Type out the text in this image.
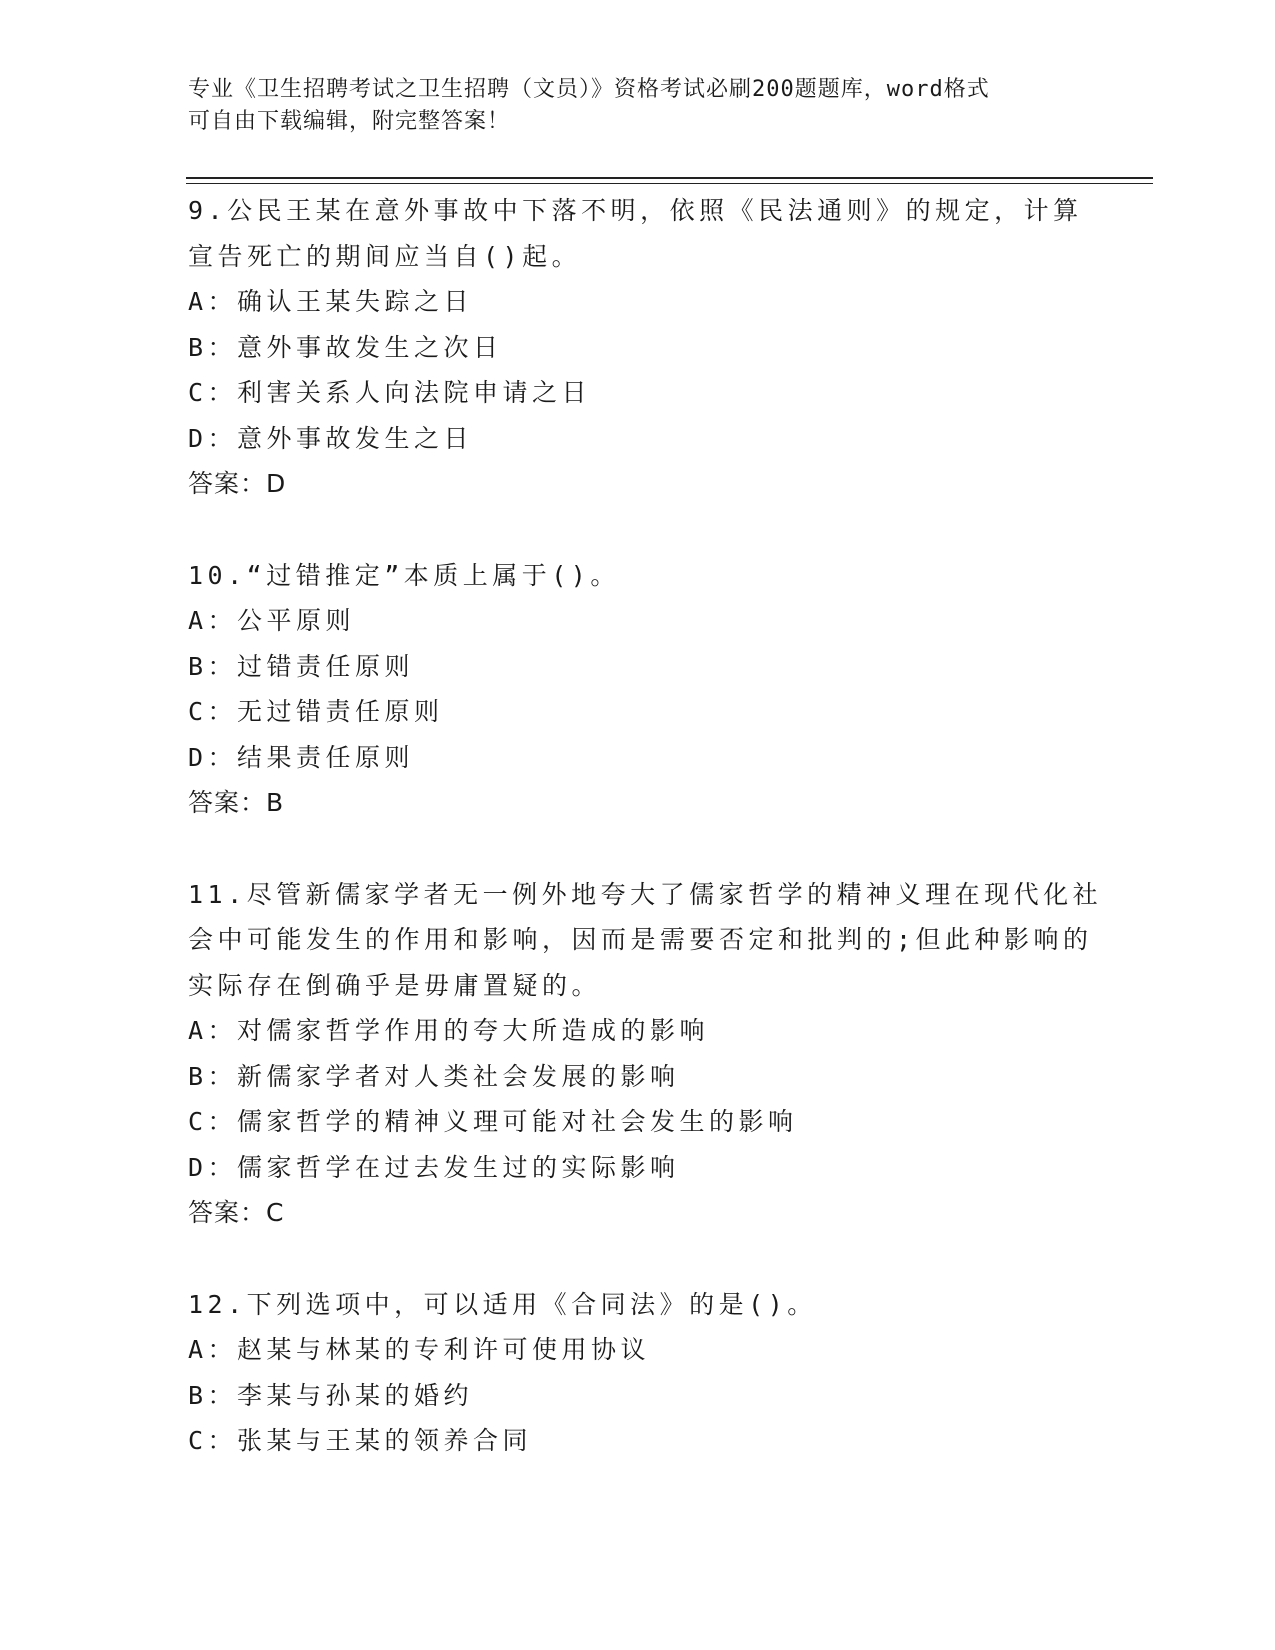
专业《卫生招聘考试之卫生招聘（文员）》资格考试必刷200题题库，word格式
可自由下载编辑，附完整答案！
9.公民王某在意外事故中下落不明，依照《民法通则》的规定，计算
宣告死亡的期间应当自()起。
A：确认王某失踪之日
B：意外事故发生之次日
C：利害关系人向法院申请之日
D：意外事故发生之日
答案：D
10.“过错推定”本质上属于()。
A：公平原则
B：过错责任原则
C：无过错责任原则
D：结果责任原则
答案：B
11.尽管新儒家学者无一例外地夸大了儒家哲学的精神义理在现代化社
会中可能发生的作用和影响，因而是需要否定和批判的;但此种影响的
实际存在倒确乎是毋庸置疑的。
A：对儒家哲学作用的夸大所造成的影响
B：新儒家学者对人类社会发展的影响
C：儒家哲学的精神义理可能对社会发生的影响
D：儒家哲学在过去发生过的实际影响
答案：C
12.下列选项中，可以适用《合同法》的是()。
A：赵某与林某的专利许可使用协议
B：李某与孙某的婚约
C：张某与王某的领养合同
